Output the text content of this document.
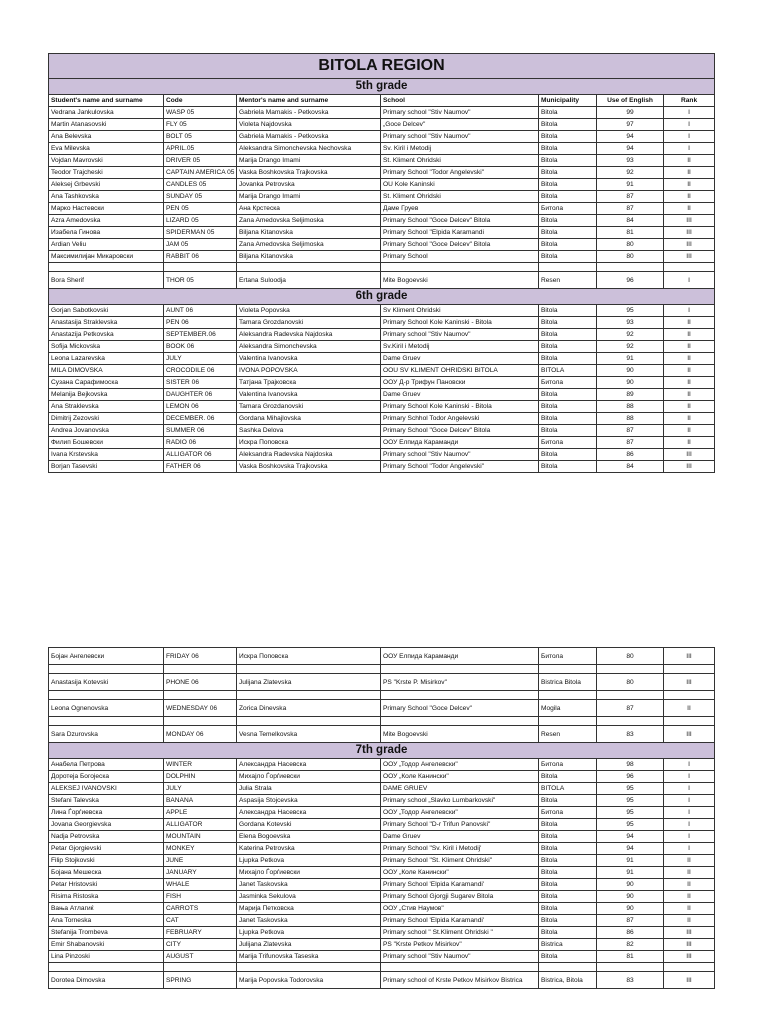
BITOLA REGION						
5th grade						
Student's name and surname	Code	Mentor's name and surname	School	Municipality	Use of English	Rank
Vedrana Jankulovska	WASP 05	Gabriela Mamakis - Petkovska	Primary school "Stiv Naumov"	Bitola	99	I
Martin Atanasovski	FLY 05	Violeta Najdovska	„Goce Delcev"	Bitola	97	I
Ana Belevska	BOLT 05	Gabriela Mamakis - Petkovska	Primary school "Stiv Naumov"	Bitola	94	I
Eva Milevska	APRIL.05	Aleksandra Simonchevska Nechovska	Sv. Kiril i Metodij	Bitola	94	I
Vojdan Mavrovski	DRIVER 05	Marija Drango Imami	St. Kliment Ohridski	Bitola	93	II
Teodor Trajcheski	CAPTAIN AMERICA 05	Vaska Boshkovska Trajkovska	Primary School "Todor Angelevski"	Bitola	92	II
Aleksej Grbevski	CANDLES 05	Jovanka Petrovska	OU Kole Kaninski	Bitola	91	II
Ana Tashkovska	SUNDAY 05	Marija Drango Imami	St. Kliment Ohridski	Bitola	87	II
Марко Настевски	PEN 05	Ана Крстеска	Даме Груев	Битола	87	II
Azra Amedovska	LIZARD 05	Zana Amedovska Seljimoska	Primary School "Goce Delcev" Bitola	Bitola	84	III
Изабела Гинова	SPIDERMAN 05	Biljana Kitanovska	Primary School "Elpida Karamandi	Bitola	81	III
Ardian Veliu	JAM 05	Zana Amedovska Seljimoska	Primary School "Goce Delcev" Bitola	Bitola	80	III
Максимилијан Микаровски	RABBIT 06	Biljana Kitanovska	Primary School	Bitola	80	III

Bora Sherif	THOR 05	Ertana Suloodja	Mite Bogoevski	Resen	96	I
6th grade						
Gorjan Sabotkovski	AUNT 06	Violeta Popovska	Sv Kliment Ohridski	Bitola	95	I
Anastasija Straklevska	PEN 06	Tamara Grozdanovski	Primary School Kole Kaninski - Bitola	Bitola	93	II
Anastazija Petkovska	SEPTEMBER.06	Aleksandra Radevska Najdoska	Primary school "Stiv Naumov"	Bitola	92	II
Sofija Mickovska	BOOK 06	Aleksandra Simonchevska	Sv.Kiril i Metodij	Bitola	92	II
Leona Lazarevska	JULY	Valentina Ivanovska	Dame Gruev	Bitola	91	II
MILA DIMOVSKA	CROCODILE 06	IVONA POPOVSKA	OOU SV KLIMENT OHRIDSKI BITOLA	BITOLA	90	II
Сузана Сарафимоска	SISTER 06	Татјана Трајковска	ООУ Д-р Трифун Пановски	Битола	90	II
Melanija Bejkovska	DAUGHTER 06	Valentina Ivanovska	Dame Gruev	Bitola	89	II
Ana Straklevska	LEMON 06	Tamara Grozdanovski	Primary School Kole Kaninski - Bitola	Bitola	88	II
Dimitrij Zezovski	DECEMBER. 06	Gordana Mihajlovska	Primary Schhol Todor Angelevski	Bitola	88	II
Andrea Jovanovska	SUMMER 06	Sashka Delova	Primary School "Goce Delcev" Bitola	Bitola	87	II
Филип Бошевски	RADIO 06	Искра Поповска	ООУ Елпида Караманди	Битола	87	II
Ivana Krstevska	ALLIGATOR 06	Aleksandra Radevska Najdoska	Primary school "Stiv Naumov"	Bitola	86	III
Borjan Tasevski	FATHER 06	Vaska Boshkovska Trajkovska	Primary School "Todor Angelevski"	Bitola	84	III
Бојан Ангелевски	FRIDAY 06	Искра Поповска	ООУ Елпида Караманди	Битола	80	III

Anastasija Kotevski	PHONE 06	Julijana Zlatevska	PS "Krste P. Misirkov"	Bistrica Bitola	80	III

Leona Ognenovska	WEDNESDAY 06	Zorica Dinevska	Primary School "Goce Delcev"	Mogila	87	II

Sara Dzurovska	MONDAY 06	Vesna Temelkovska	Mite Bogoevski	Resen	83	III
7th grade						
Анабела Петрова	WINTER	Александра Насевска	ООУ „Тодор Ангелевски"	Битола	98	I
Доротеја Богојеска	DOLPHIN	Михајло Ѓорѓиевски	ООУ „Коле Канински"	Bitola	96	I
ALEKSEJ IVANOVSKI	JULY	Julia Strala	DAME GRUEV	BITOLA	95	I
Stefani Talevska	BANANA	Aspasija Stojcevska	Primary school „Slavko Lumbarkovski"	Bitola	95	I
Лина Ѓорѓиевска	APPLE	Александра Насевска	ООУ „Тодор Ангелевски"	Битола	95	I
Jovana Georgievska	ALLIGATOR	Gordana Kotevski	Primary School "D-r Trifun Panovski"	Bitola	95	I
Nadja Petrovska	MOUNTAIN	Elena Bogoevska	Dame Gruev	Bitola	94	I
Petar Gjorgievski	MONKEY	Katerina Petrovska	Primary School "Sv. Kiril i Metodij'	Bitola	94	I
Filip Stojkovski	JUNE	Ljupka Petkova	Primary School "St. Kliment Ohridski"	Bitola	91	II
Бојана Мешеска	JANUARY	Михајло Ѓорѓиевски	ООУ „Коле Канински"	Bitola	91	II
Petar Hristovski	WHALE	Janet Taskovska	Primary School 'Elpida Karamandi'	Bitola	90	II
Risima Ristoska	FISH	Jasminka Sekulova	Primary School Gjorgji Sugarev Bitola	Bitola	90	II
Вања Атлагиќ	CARROTS	Марија Петковска	ООУ „Стив Наумов"	Bitola	90	II
Ana Torneska	CAT	Janet Taskovska	Primary School 'Elpida Karamandi'	Bitola	87	II
Stefanija Trombeva	FEBRUARY	Ljupka Petkova	Primary school " St.Kliment Ohridski "	Bitola	86	III
Emir Shabanovski	CITY	Julijana Zlatevska	PS "Krste Petkov Misirkov"	Bistrica	82	III
Lina Pinzoski	AUGUST	Marija Trifunovska Taseska	Primary school "Stiv Naumov"	Bitola	81	III

Dorotea Dimovska	SPRING	Marija Popovska Todorovska	Primary school of Krste Petkov Misirkov Bistrica	Bistrica, Bitola	83	III
